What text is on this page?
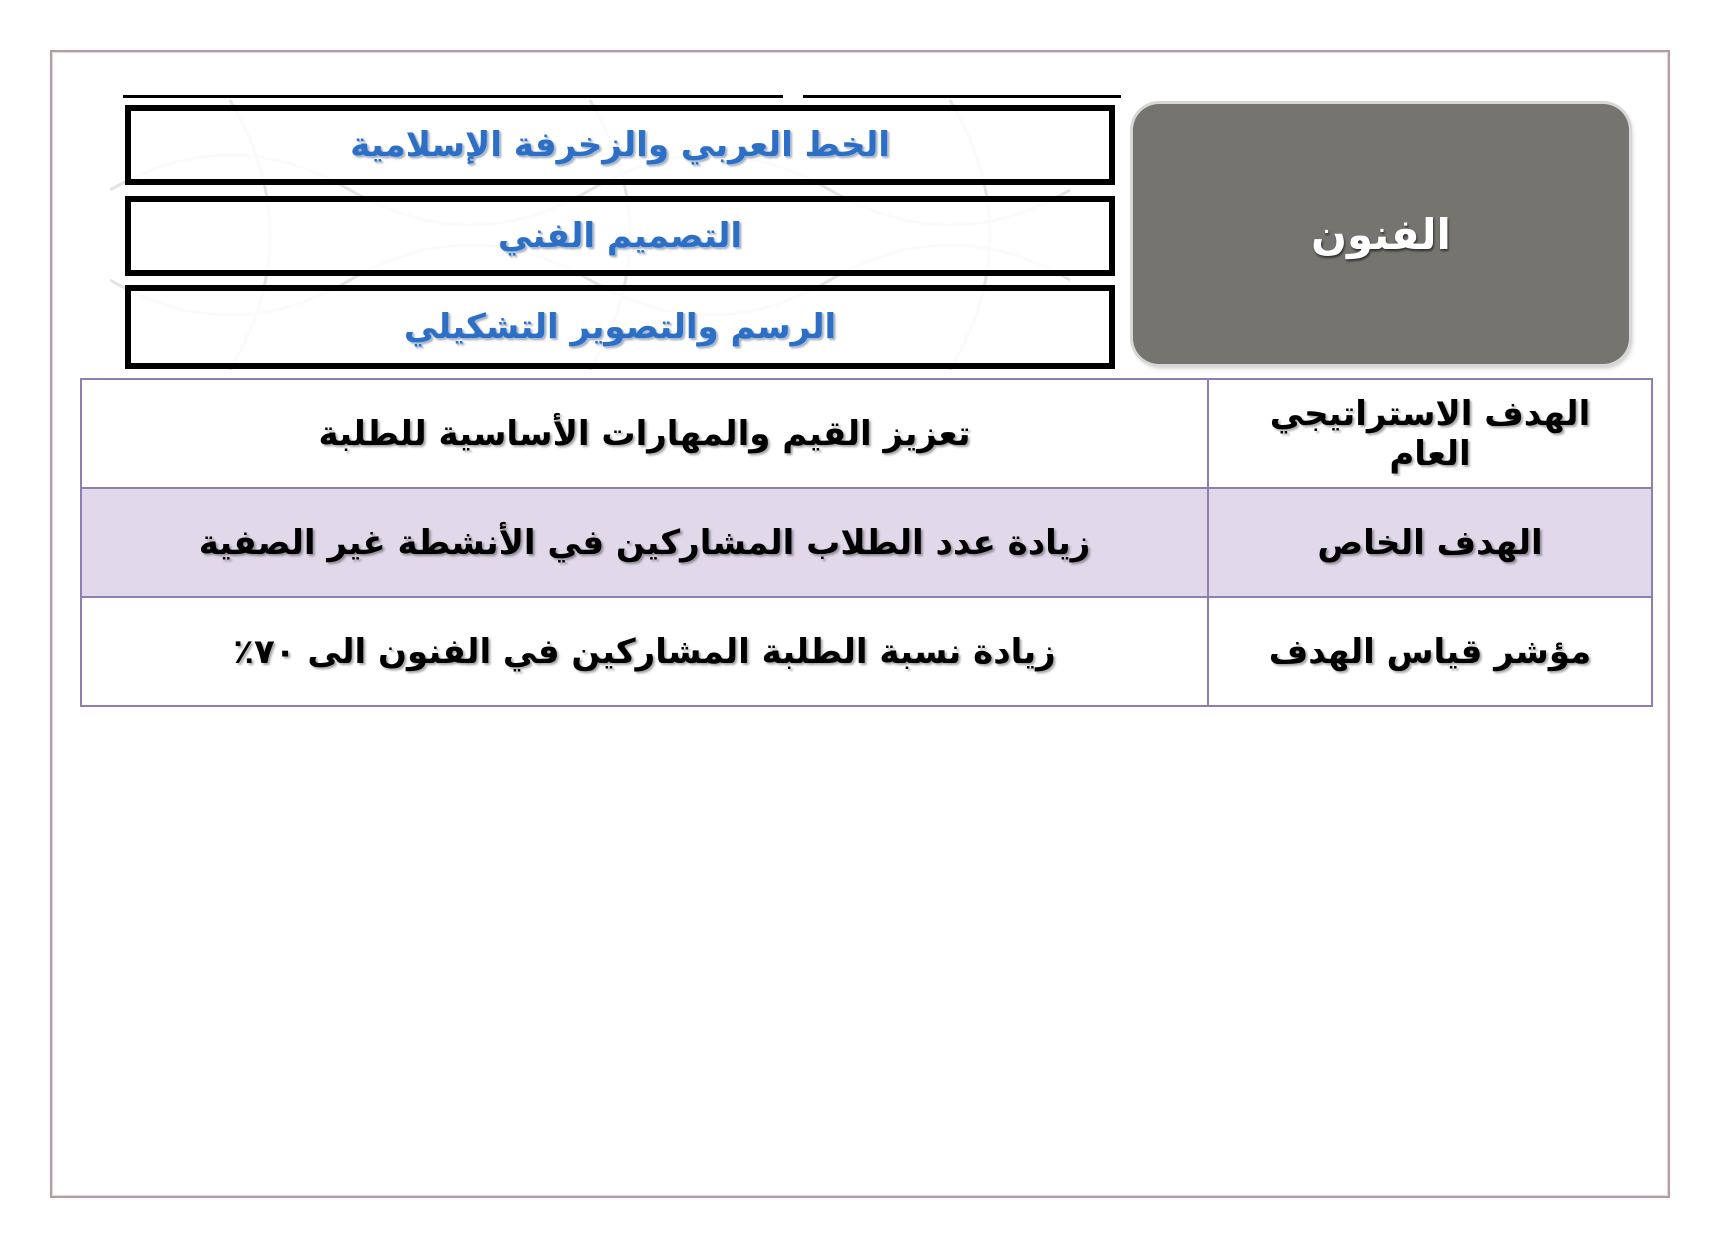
الخط العربي والزخرفة الإسلامية
التصميم الفني
الرسم والتصوير التشكيلي
الفنون
الهدف الاستراتيجي العام	تعزيز القيم والمهارات الأساسية للطلبة
الهدف الخاص	زيادة عدد الطلاب المشاركين في الأنشطة غير الصفية
مؤشر قياس الهدف	زيادة نسبة الطلبة المشاركين في الفنون الى ٧٠٪
